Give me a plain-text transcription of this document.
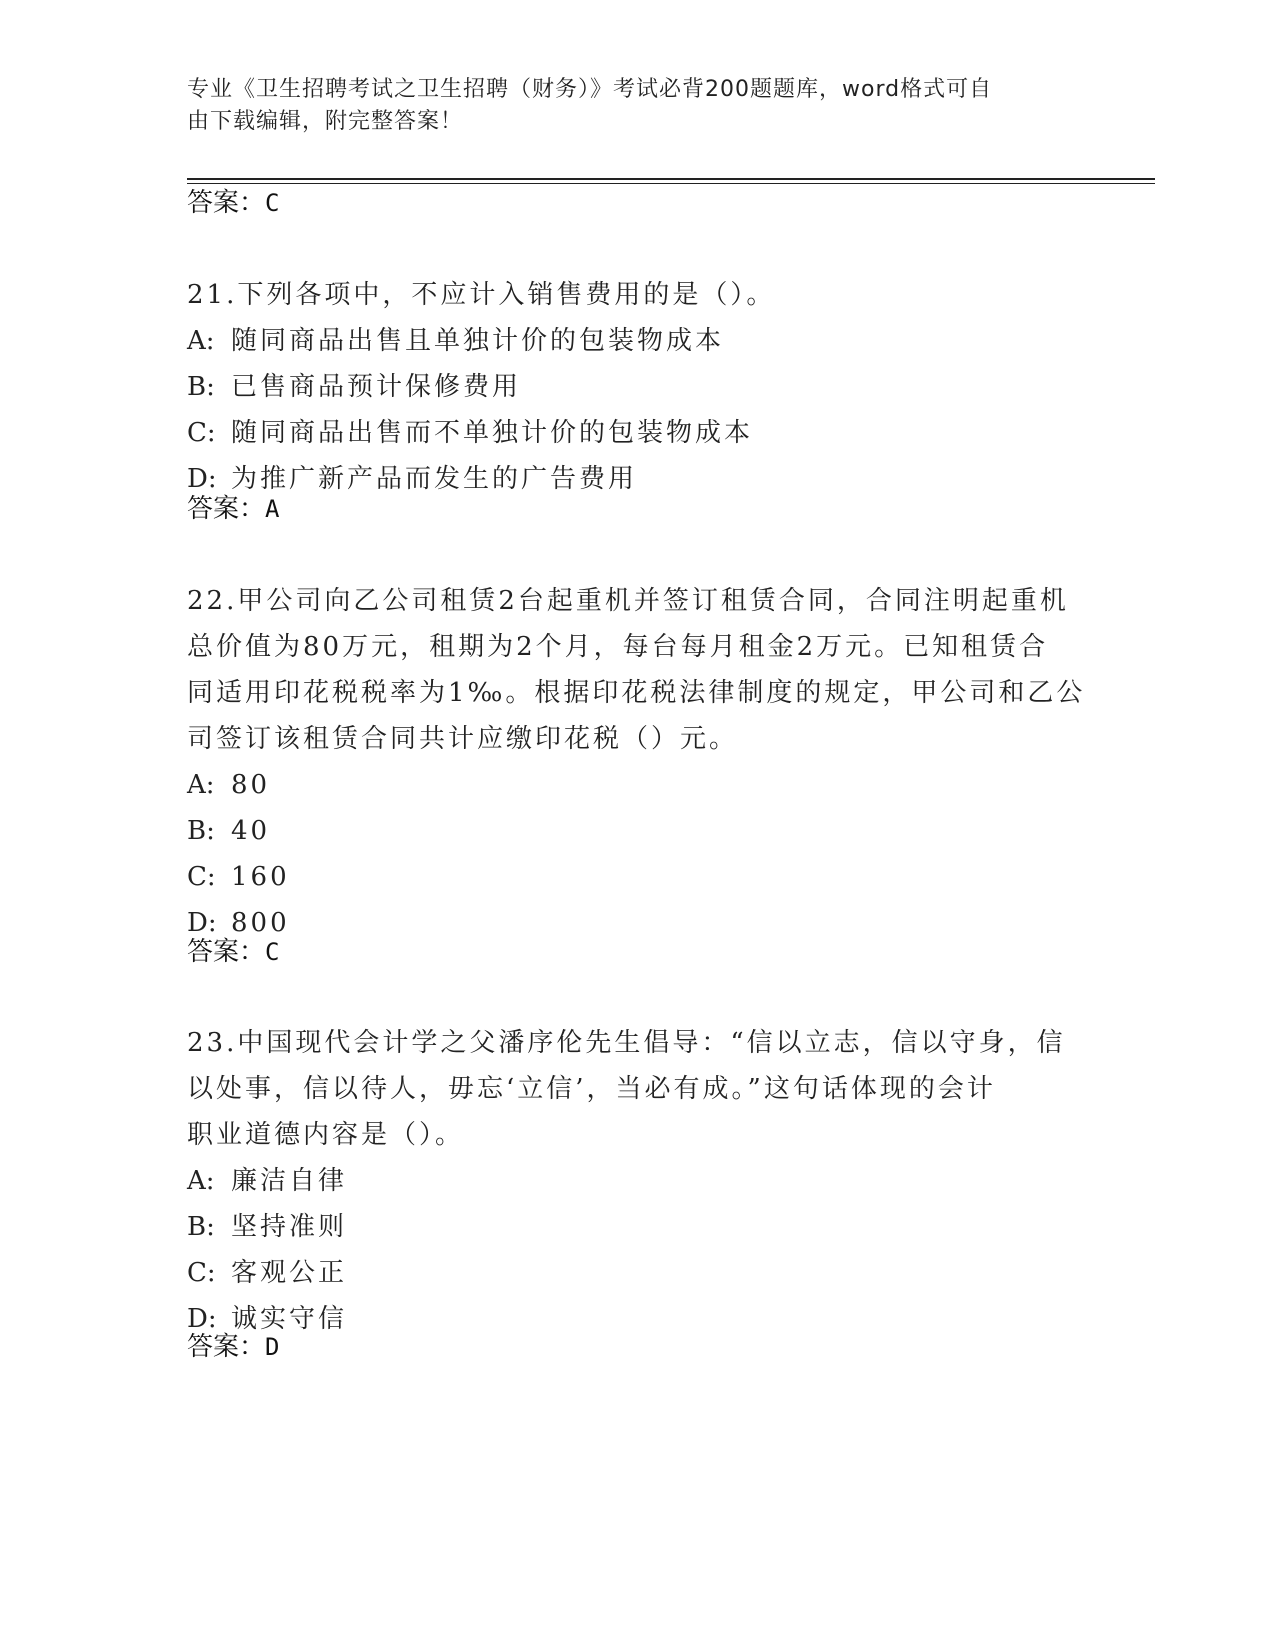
专业《卫生招聘考试之卫生招聘（财务）》考试必背200题题库，word格式可自
由下载编辑，附完整答案！
答案：C

21.下列各项中，不应计入销售费用的是（）。

A: 随同商品出售且单独计价的包装物成本

B: 已售商品预计保修费用

C: 随同商品出售而不单独计价的包装物成本

D: 为推广新产品而发生的广告费用

答案：A

22.甲公司向乙公司租赁2台起重机并签订租赁合同，合同注明起重机

总价值为80万元，租期为2个月，每台每月租金2万元。已知租赁合

同适用印花税税率为1‰。根据印花税法律制度的规定，甲公司和乙公

司签订该租赁合同共计应缴印花税（）元。

A: 80

B: 40

C: 160

D: 800

答案：C

23.中国现代会计学之父潘序伦先生倡导：“信以立志，信以守身，信

以处事，信以待人，毋忘‘立信’，当必有成。”这句话体现的会计

职业道德内容是（）。

A: 廉洁自律

B: 坚持准则

C: 客观公正

D: 诚实守信

答案：D
